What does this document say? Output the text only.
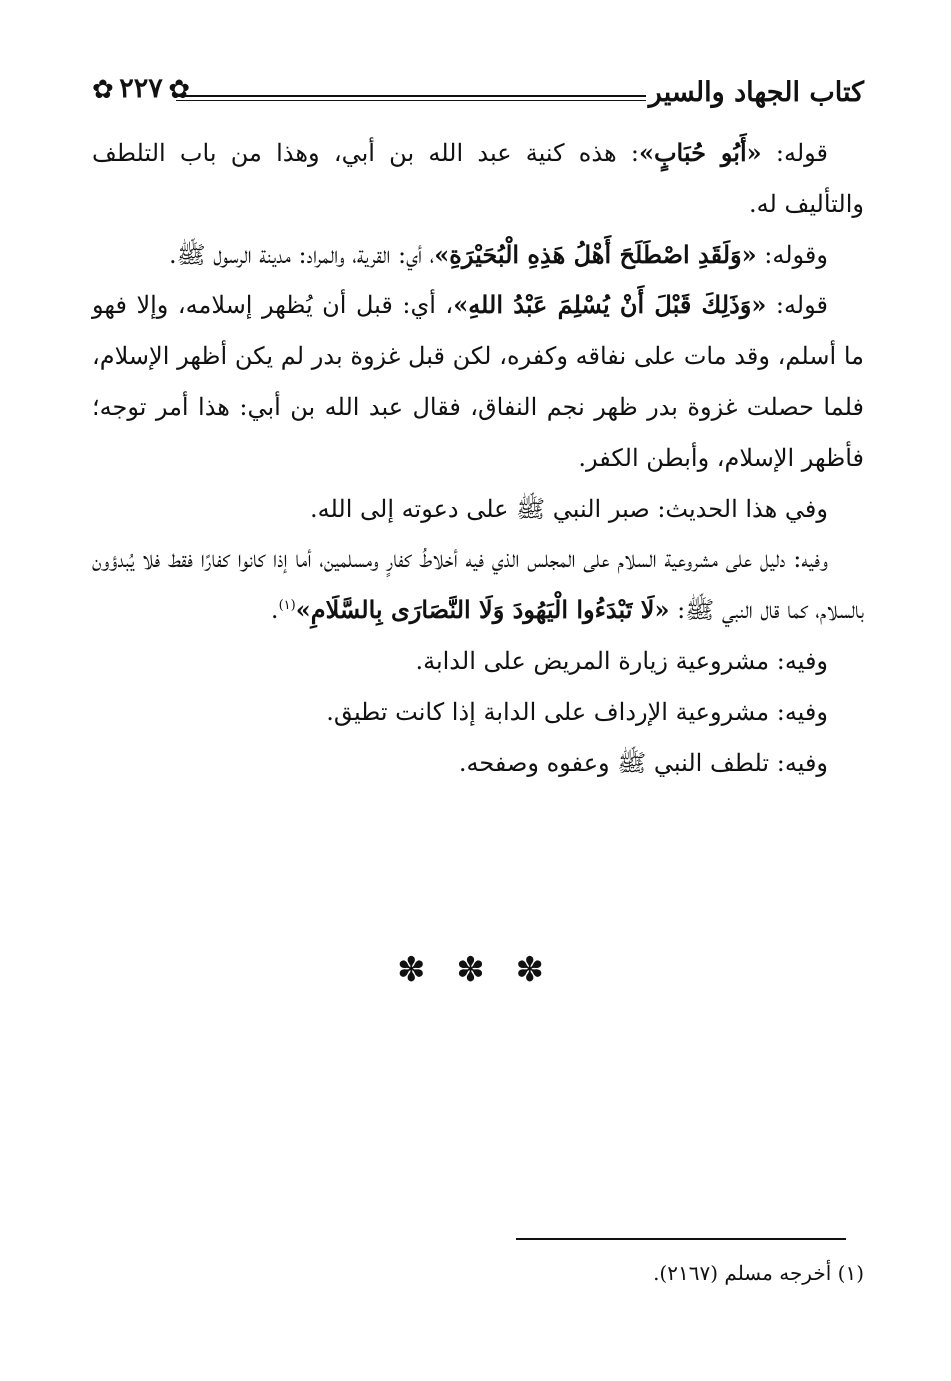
كتاب الجهاد والسير
✿ ٢٢٧ ✿

قوله: «أَبُو حُبَابٍ»: هذه كنية عبد الله بن أبي، وهذا من باب التلطف والتأليف له.

وقوله: «وَلَقَدِ اصْطَلَحَ أَهْلُ هَذِهِ الْبُحَيْرَةِ»، أي: القرية، والمراد: مدينة الرسول ﷺ.

قوله: «وَذَلِكَ قَبْلَ أَنْ يُسْلِمَ عَبْدُ اللهِ»، أي: قبل أن يُظهر إسلامه، وإلا فهو ما أسلم، وقد مات على نفاقه وكفره، لكن قبل غزوة بدر لم يكن أظهر الإسلام، فلما حصلت غزوة بدر ظهر نجم النفاق، فقال عبد الله بن أبي: هذا أمر توجه؛ فأظهر الإسلام، وأبطن الكفر.

وفي هذا الحديث: صبر النبي ﷺ على دعوته إلى الله.

وفيه: دليل على مشروعية السلام على المجلس الذي فيه أخلاطُ كفارٍ ومسلمين، أما إذا كانوا كفارًا فقط فلا يُبدؤون بالسلام، كما قال النبي ﷺ: «لَا تَبْدَءُوا الْيَهُودَ وَلَا النَّصَارَى بِالسَّلَامِ»$^{(١)}$.

وفيه: مشروعية زيارة المريض على الدابة.

وفيه: مشروعية الإرداف على الدابة إذا كانت تطيق.

وفيه: تلطف النبي ﷺ وعفوه وصفحه.

✽ ✽ ✽
(١) أخرجه مسلم (٢١٦٧).
